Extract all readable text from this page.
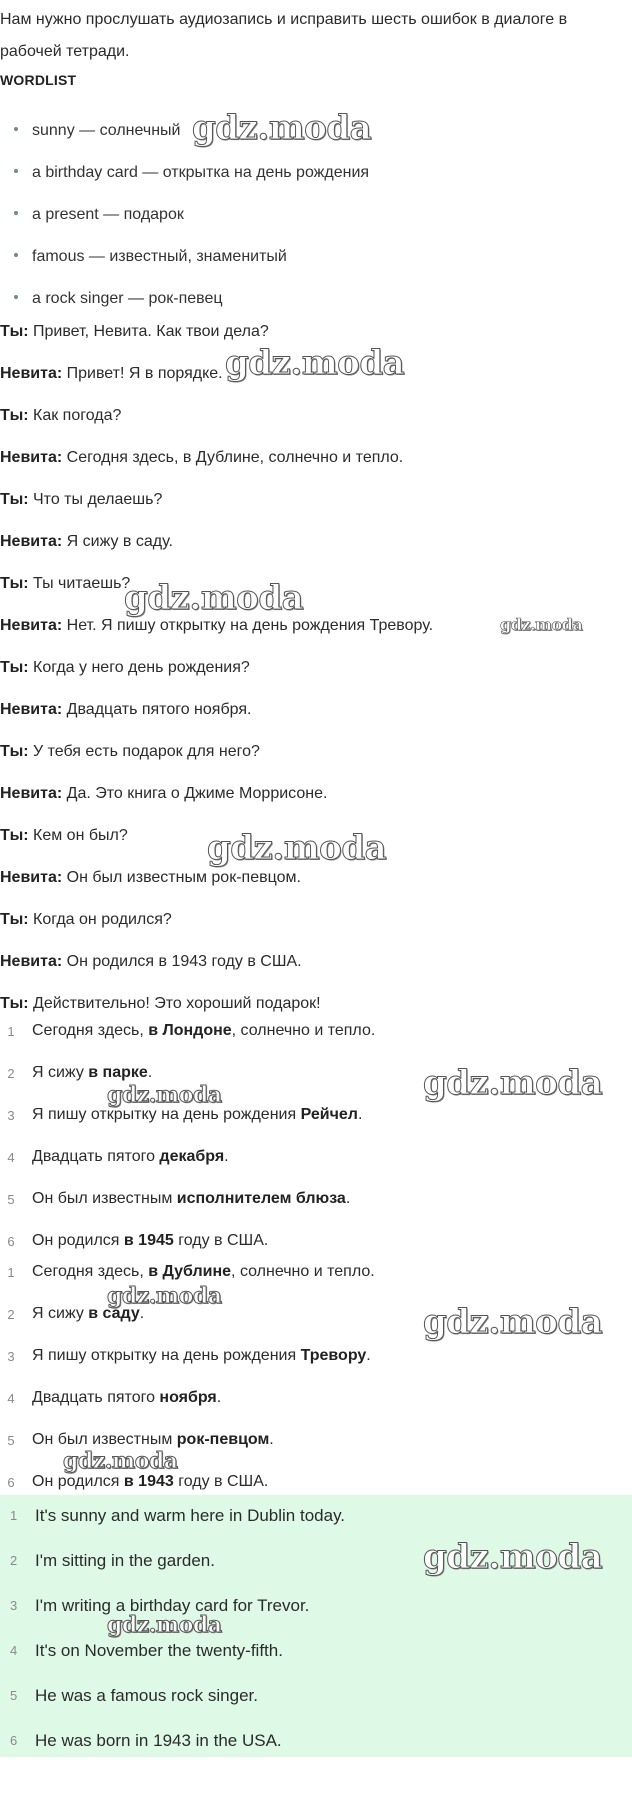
Нам нужно прослушать аудиозапись и исправить шесть ошибок в диалоге в рабочей тетради.
WORDLIST
sunny — солнечный
a birthday card — открытка на день рождения
a present — подарок
famous — известный, знаменитый
a rock singer — рок-певец
Ты: Привет, Невита. Как твои дела?
Невита: Привет! Я в порядке.
Ты: Как погода?
Невита: Сегодня здесь, в Дублине, солнечно и тепло.
Ты: Что ты делаешь?
Невита: Я сижу в саду.
Ты: Ты читаешь?
Невита: Нет. Я пишу открытку на день рождения Тревору.
Ты: Когда у него день рождения?
Невита: Двадцать пятого ноября.
Ты: У тебя есть подарок для него?
Невита: Да. Это книга о Джиме Моррисоне.
Ты: Кем он был?
Невита: Он был известным рок-певцом.
Ты: Когда он родился?
Невита: Он родился в 1943 году в США.
Ты: Действительно! Это хороший подарок!
1	Сегодня здесь, в Лондоне, солнечно и тепло.
2	Я сижу в парке.
3	Я пишу открытку на день рождения Рейчел.
4	Двадцать пятого декабря.
5	Он был известным исполнителем блюза.
6	Он родился в 1945 году в США.
1	Сегодня здесь, в Дублине, солнечно и тепло.
2	Я сижу в саду.
3	Я пишу открытку на день рождения Тревору.
4	Двадцать пятого ноября.
5	Он был известным рок-певцом.
6	Он родился в 1943 году в США.
1 It's sunny and warm here in Dublin today.
2 I'm sitting in the garden.
3 I'm writing a birthday card for Trevor.
4 It's on November the twenty-fifth.
5 He was a famous rock singer.
6 He was born in 1943 in the USA.
gdz.moda
gdz.moda
gdz.moda
gdz.moda
gdz.moda
gdz.moda
gdz.moda
gdz.moda
gdz.moda
gdz.moda
gdz.moda
gdz.moda
